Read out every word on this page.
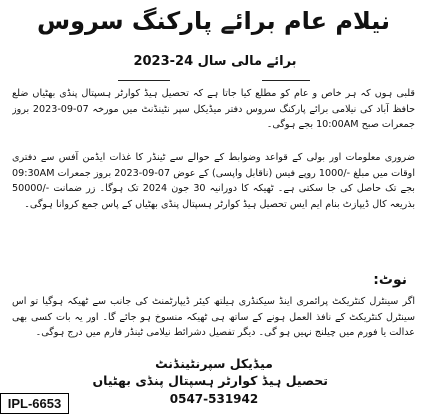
نیلام عام برائے پارکنگ سروس
برائے مالی سال 24-2023
قلبی ہوں کہ ہر خاص و عام کو مطلع کیا جاتا ہے کہ تحصیل ہیڈ کوارٹر ہسپتال پنڈی بھٹیاں ضلع حافظ آباد کی نیلامی برائے پارکنگ سروس دفتر میڈیکل سپر نٹینڈنٹ میں مورخہ 07-09-2023 بروز جمعرات صبح 10:00AM بجے ہوگی۔
ضروری معلومات اور بولی کے قواعد وضوابط کے حوالے سے ٹینڈر کا غذات ایڈمن آفس سے دفتری اوقات میں مبلغ -/1000 روپے فیس (ناقابل واپسی) کے عوض 07-09-2023 بروز جمعرات 09:30AM بجے تک حاصل کی جا سکتی ہے۔ ٹھیکہ کا دورانیہ 30 جون 2024 تک ہوگا۔ زر ضمانت -/50000 بذریعہ کال ڈیپازٹ بنام ایم ایس تحصیل ہیڈ کوارٹر ہسپتال پنڈی بھٹیاں کے پاس جمع کروانا ہوگی۔
نوٹ:
اگر سینٹرل کنٹریکٹ پرائمری اینڈ سیکنڈری ہیلتھ کیئر ڈیپارٹمنٹ کی جانب سے ٹھیکہ ہوگیا تو اس سینٹرل کنٹریکٹ کے نافذ العمل ہونے کے ساتھ ہی ٹھیکہ منسوخ ہو جائے گا۔ اور یہ بات کسی بھی عدالت یا فورم میں چیلنج نہیں ہو گی۔ دیگر تفصیل دشرائط نیلامی ٹینڈر فارم میں درج ہوگی۔
میڈیکل سپرنٹینڈنٹ
تحصیل ہیڈ کوارٹر ہسپتال پنڈی بھٹیاں
0547-531942
IPL-6653
